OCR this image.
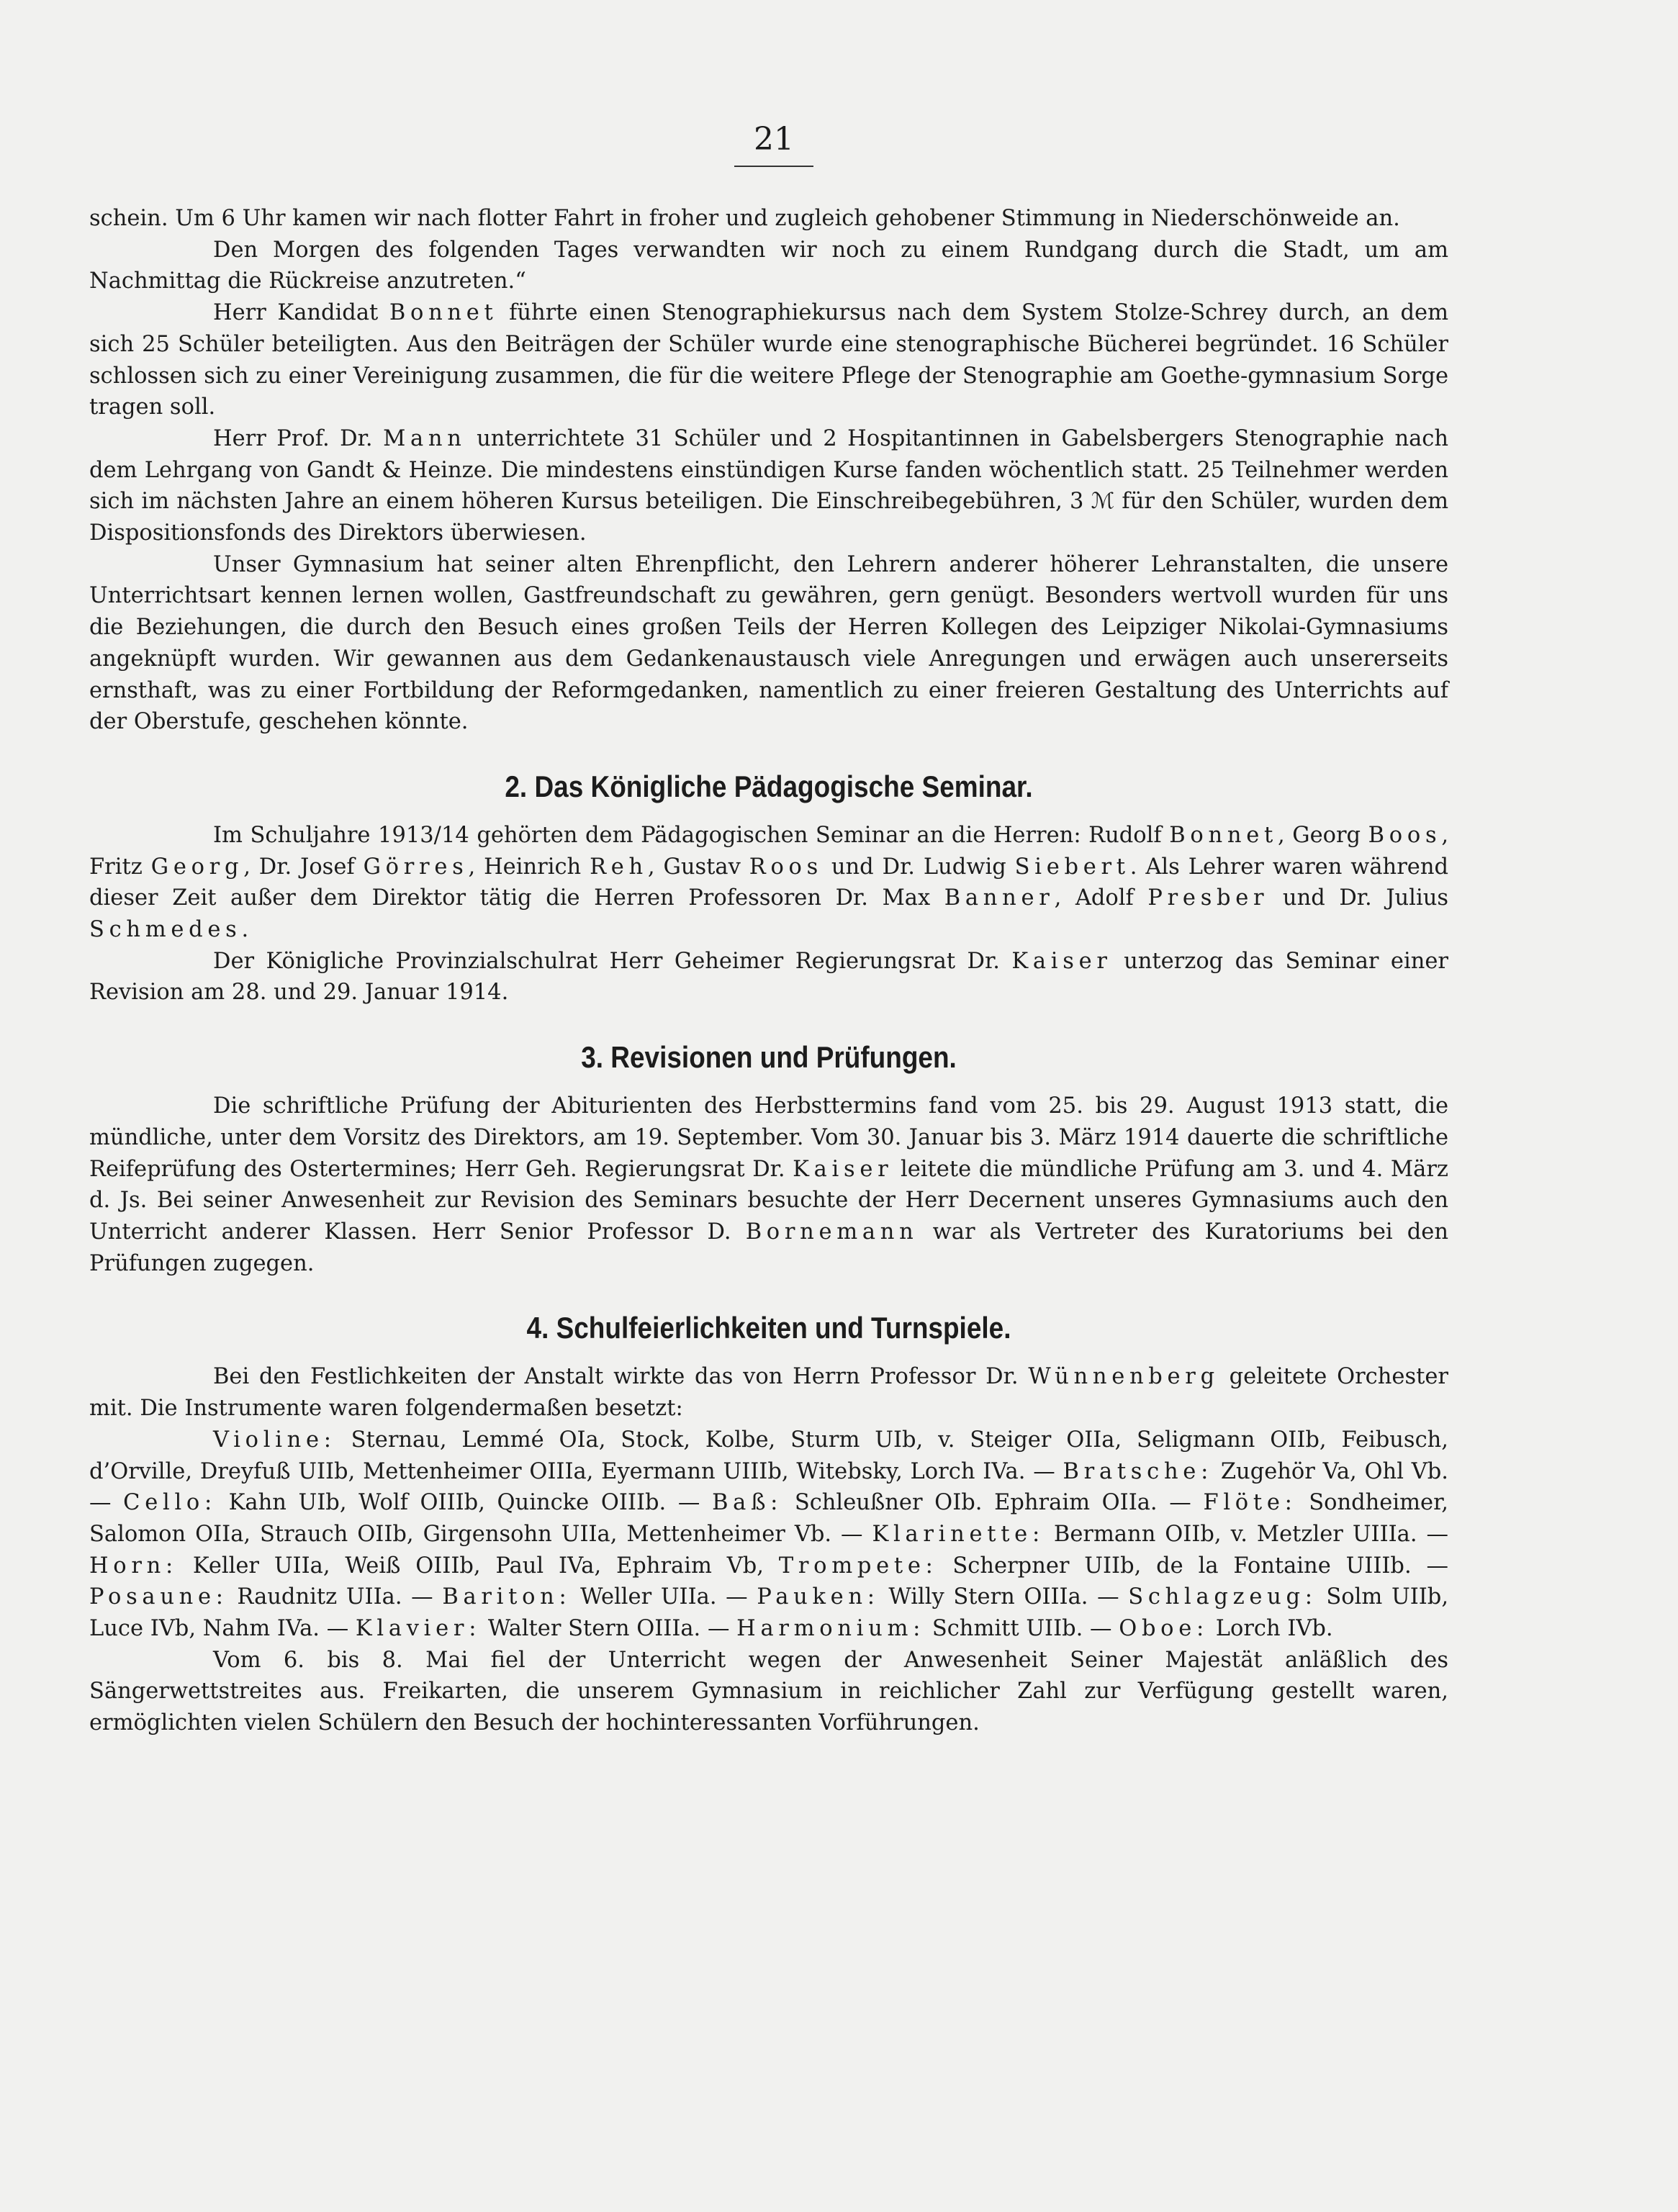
21

schein. Um 6 Uhr kamen wir nach flotter Fahrt in froher und zugleich gehobener Stimmung in Niederschönweide an.

Den Morgen des folgenden Tages verwandten wir noch zu einem Rundgang durch die Stadt, um am Nachmittag die Rückreise anzutreten.“

Herr Kandidat Bonnet führte einen Stenographiekursus nach dem System Stolze-Schrey durch, an dem sich 25 Schüler beteiligten. Aus den Beiträgen der Schüler wurde eine stenographische Bücherei begründet. 16 Schüler schlossen sich zu einer Vereinigung zusammen, die für die weitere Pflege der Stenographie am Goethe-gymnasium Sorge tragen soll.

Herr Prof. Dr. Mann unterrichtete 31 Schüler und 2 Hospitantinnen in Gabelsbergers Stenographie nach dem Lehrgang von Gandt & Heinze. Die mindestens einstündigen Kurse fanden wöchentlich statt. 25 Teilnehmer werden sich im nächsten Jahre an einem höheren Kursus beteiligen. Die Einschreibegebühren, 3 ℳ für den Schüler, wurden dem Dispositionsfonds des Direktors überwiesen.

Unser Gymnasium hat seiner alten Ehrenpflicht, den Lehrern anderer höherer Lehranstalten, die unsere Unterrichtsart kennen lernen wollen, Gastfreundschaft zu gewähren, gern genügt. Besonders wertvoll wurden für uns die Beziehungen, die durch den Besuch eines großen Teils der Herren Kollegen des Leipziger Nikolai-Gymnasiums angeknüpft wurden. Wir gewannen aus dem Gedankenaustausch viele Anregungen und erwägen auch unsererseits ernsthaft, was zu einer Fortbildung der Reformgedanken, namentlich zu einer freieren Gestaltung des Unterrichts auf der Oberstufe, geschehen könnte.

2. Das Königliche Pädagogische Seminar.

Im Schuljahre 1913/14 gehörten dem Pädagogischen Seminar an die Herren: Rudolf Bonnet, Georg Boos, Fritz Georg, Dr. Josef Görres, Heinrich Reh, Gustav Roos und Dr. Ludwig Siebert. Als Lehrer waren während dieser Zeit außer dem Direktor tätig die Herren Professoren Dr. Max Banner, Adolf Presber und Dr. Julius Schmedes.

Der Königliche Provinzialschulrat Herr Geheimer Regierungsrat Dr. Kaiser unterzog das Seminar einer Revision am 28. und 29. Januar 1914.

3. Revisionen und Prüfungen.

Die schriftliche Prüfung der Abiturienten des Herbsttermins fand vom 25. bis 29. August 1913 statt, die mündliche, unter dem Vorsitz des Direktors, am 19. September. Vom 30. Januar bis 3. März 1914 dauerte die schriftliche Reifeprüfung des Ostertermines; Herr Geh. Regierungsrat Dr. Kaiser leitete die mündliche Prüfung am 3. und 4. März d. Js. Bei seiner Anwesenheit zur Revision des Seminars besuchte der Herr Decernent unseres Gymnasiums auch den Unterricht anderer Klassen. Herr Senior Professor D. Bornemann war als Vertreter des Kuratoriums bei den Prüfungen zugegen.

4. Schulfeierlichkeiten und Turnspiele.

Bei den Festlichkeiten der Anstalt wirkte das von Herrn Professor Dr. Wünnenberg geleitete Orchester mit. Die Instrumente waren folgendermaßen besetzt:

Violine: Sternau, Lemmé OIa, Stock, Kolbe, Sturm UIb, v. Steiger OIIa, Seligmann OIIb, Feibusch, d’Orville, Dreyfuß UIIb, Mettenheimer OIIIa, Eyermann UIIIb, Witebsky, Lorch IVa. — Bratsche: Zugehör Va, Ohl Vb. — Cello: Kahn UIb, Wolf OIIIb, Quincke OIIIb. — Baß: Schleußner OIb. Ephraim OIIa. — Flöte: Sondheimer, Salomon OIIa, Strauch OIIb, Girgensohn UIIa, Mettenheimer Vb. — Klarinette: Bermann OIIb, v. Metzler UIIIa. — Horn: Keller UIIa, Weiß OIIIb, Paul IVa, Ephraim Vb, Trompete: Scherpner UIIb, de la Fontaine UIIIb. — Posaune: Raudnitz UIIa. — Bariton: Weller UIIa. — Pauken: Willy Stern OIIIa. — Schlagzeug: Solm UIIb, Luce IVb, Nahm IVa. — Klavier: Walter Stern OIIIa. — Harmonium: Schmitt UIIb. — Oboe: Lorch IVb.

Vom 6. bis 8. Mai fiel der Unterricht wegen der Anwesenheit Seiner Majestät anläßlich des Sängerwettstreites aus. Freikarten, die unserem Gymnasium in reichlicher Zahl zur Verfügung gestellt waren, ermöglichten vielen Schülern den Besuch der hochinteressanten Vorführungen.
